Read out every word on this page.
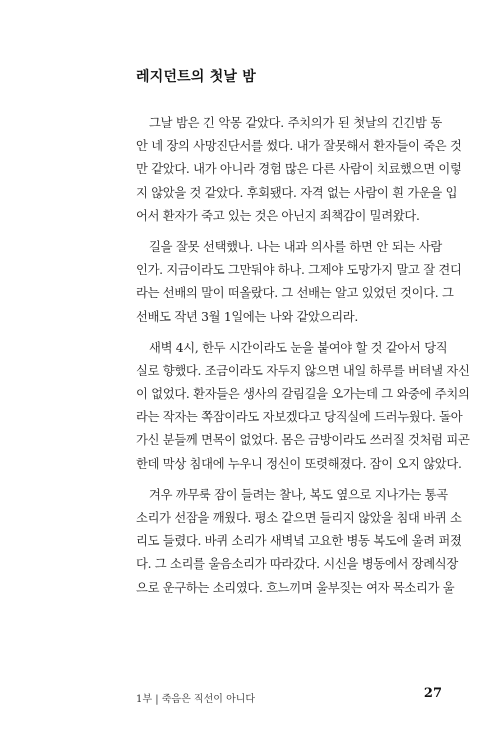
레지던트의 첫날 밤
그날 밤은 긴 악몽 같았다. 주치의가 된 첫날의 긴긴밤 동
안 네 장의 사망진단서를 썼다. 내가 잘못해서 환자들이 죽은 것
만 같았다. 내가 아니라 경험 많은 다른 사람이 치료했으면 이렇
지 않았을 것 같았다. 후회됐다. 자격 없는 사람이 흰 가운을 입
어서 환자가 죽고 있는 것은 아닌지 죄책감이 밀려왔다.
길을 잘못 선택했나. 나는 내과 의사를 하면 안 되는 사람
인가. 지금이라도 그만둬야 하나. 그제야 도망가지 말고 잘 견디
라는 선배의 말이 떠올랐다. 그 선배는 알고 있었던 것이다. 그
선배도 작년 3월 1일에는 나와 같았으리라.
새벽 4시, 한두 시간이라도 눈을 붙여야 할 것 같아서 당직
실로 향했다. 조금이라도 자두지 않으면 내일 하루를 버텨낼 자신
이 없었다. 환자들은 생사의 갈림길을 오가는데 그 와중에 주치의
라는 작자는 쪽잠이라도 자보겠다고 당직실에 드러누웠다. 돌아
가신 분들께 면목이 없었다. 몸은 금방이라도 쓰러질 것처럼 피곤
한데 막상 침대에 누우니 정신이 또렷해졌다. 잠이 오지 않았다.
겨우 까무룩 잠이 들려는 찰나, 복도 옆으로 지나가는 통곡
소리가 선잠을 깨웠다. 평소 같으면 들리지 않았을 침대 바퀴 소
리도 들렸다. 바퀴 소리가 새벽녘 고요한 병동 복도에 울려 퍼졌
다. 그 소리를 울음소리가 따라갔다. 시신을 병동에서 장례식장
으로 운구하는 소리였다. 흐느끼며 울부짖는 여자 목소리가 울
1부 | 죽음은 직선이 아니다	27
